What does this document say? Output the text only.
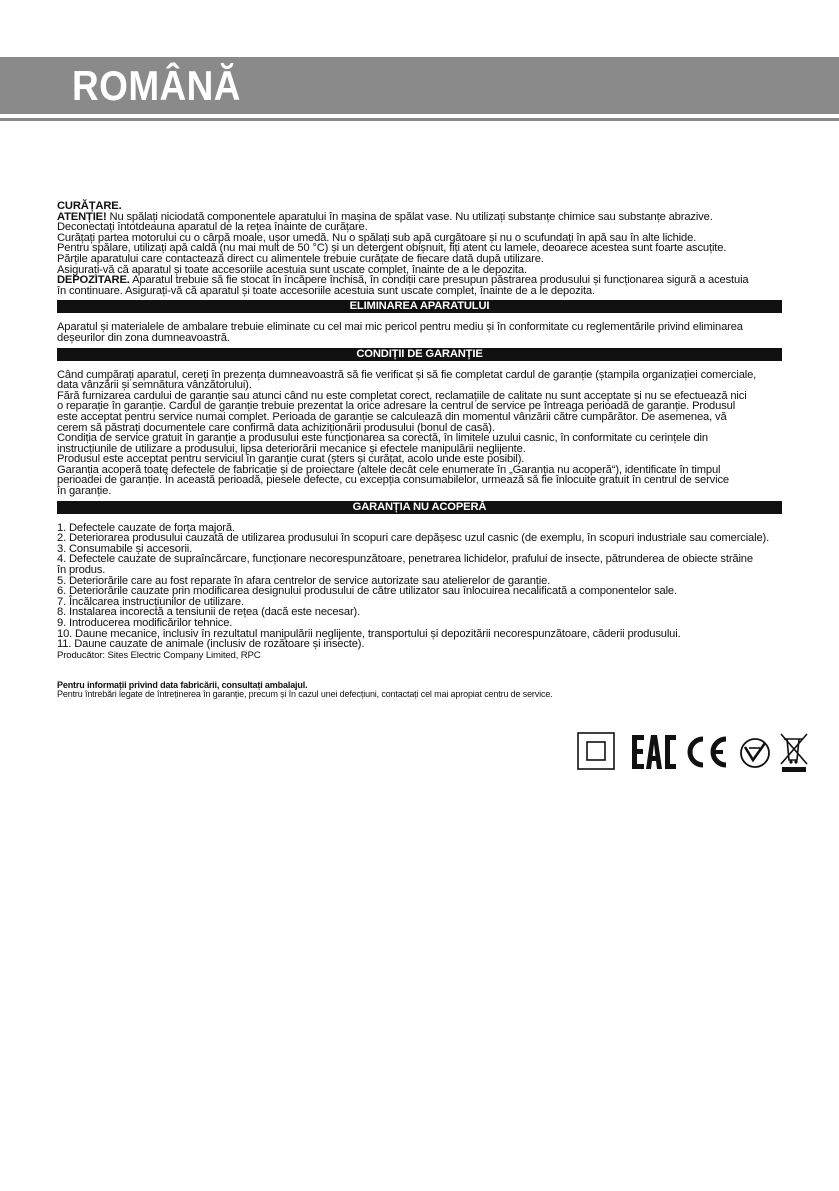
ROMÂNĂ

CURĂȚARE.

ATENȚIE! Nu spălați niciodată componentele aparatului în mașina de spălat vase. Nu utilizați substanțe chimice sau substanțe abrazive.

Deconectați întotdeauna aparatul de la rețea înainte de curățare.

Curățați partea motorului cu o cârpă moale, ușor umedă. Nu o spălați sub apă curgătoare și nu o scufundați în apă sau în alte lichide.

Pentru spălare, utilizați apă caldă (nu mai mult de 50 °C) și un detergent obișnuit, fiți atent cu lamele, deoarece acestea sunt foarte ascuțite.

Părțile aparatului care contactează direct cu alimentele trebuie curățate de fiecare dată după utilizare.

Asigurați-vă că aparatul și toate accesoriile acestuia sunt uscate complet, înainte de a le depozita.

DEPOZITARE. Aparatul trebuie să fie stocat în încăpere închisă, în condiții care presupun păstrarea produsului și funcționarea sigură a acestuia

în continuare. Asigurați-vă că aparatul și toate accesoriile acestuia sunt uscate complet, înainte de a le depozita.

ELIMINAREA APARATULUI

Aparatul și materialele de ambalare trebuie eliminate cu cel mai mic pericol pentru mediu și în conformitate cu reglementările privind eliminarea

deșeurilor din zona dumneavoastră.

CONDIȚII DE GARANȚIE

Când cumpărați aparatul, cereți în prezența dumneavoastră să fie verificat și să fie completat cardul de garanție (ștampila organizației comerciale,

data vânzării și semnătura vânzătorului).

Fără furnizarea cardului de garanție sau atunci când nu este completat corect, reclamațiile de calitate nu sunt acceptate și nu se efectuează nici

o reparație în garanție. Cardul de garanție trebuie prezentat la orice adresare la centrul de service pe întreaga perioadă de garanție. Produsul

este acceptat pentru service numai complet. Perioada de garanție se calculează din momentul vânzării către cumpărător. De asemenea, vă

cerem să păstrați documentele care confirmă data achiziționării produsului (bonul de casă).

Condiția de service gratuit în garanție a produsului este funcționarea sa corectă, în limitele uzului casnic, în conformitate cu cerințele din

instrucțiunile de utilizare a produsului, lipsa deteriorării mecanice și efectele manipulării neglijente.

Produsul este acceptat pentru serviciul în garanție curat (șters și curățat, acolo unde este posibil).

Garanția acoperă toate defectele de fabricație și de proiectare (altele decât cele enumerate în „Garanția nu acoperă“), identificate în timpul

perioadei de garanție. În această perioadă, piesele defecte, cu excepția consumabilelor, urmează să fie înlocuite gratuit în centrul de service

în garanție.

GARANȚIA NU ACOPERĂ
1. Defectele cauzate de forța majoră.
2. Deteriorarea produsului cauzată de utilizarea produsului în scopuri care depășesc uzul casnic (de exemplu, în scopuri industriale sau comerciale).
3. Consumabile și accesorii.
4. Defectele cauzate de supraîncărcare, funcționare necorespunzătoare, penetrarea lichidelor, prafului de insecte, pătrunderea de obiecte străine
în produs.
5. Deteriorările care au fost reparate în afara centrelor de service autorizate sau atelierelor de garanție.
6. Deteriorările cauzate prin modificarea designului produsului de către utilizator sau înlocuirea necalificată a componentelor sale.
7. Încălcarea instrucțiunilor de utilizare.
8. Instalarea incorectă a tensiunii de rețea (dacă este necesar).
9. Introducerea modificărilor tehnice.
10. Daune mecanice, inclusiv în rezultatul manipulării neglijente, transportului și depozitării necorespunzătoare, căderii produsului.
11. Daune cauzate de animale (inclusiv de rozătoare și insecte).

Producător: Sites Electric Company Limited, RPC

Pentru informații privind data fabricării, consultați ambalajul.

Pentru întrebări legate de întreținerea în garanție, precum și în cazul unei defecțiuni, contactați cel mai apropiat centru de service.
